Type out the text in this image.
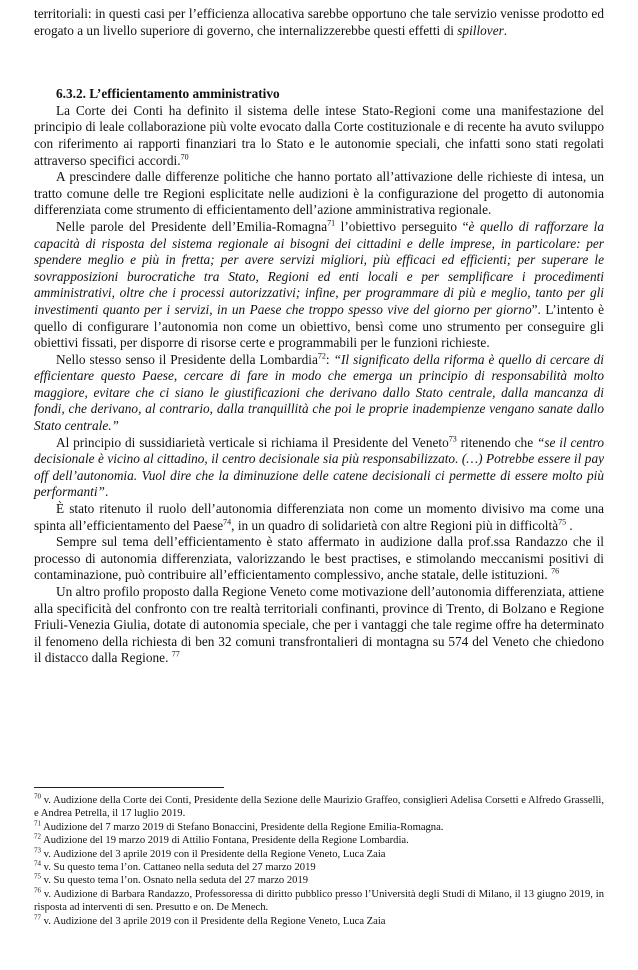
territoriali: in questi casi per l’efficienza allocativa sarebbe opportuno che tale servizio venisse prodotto ed erogato a un livello superiore di governo, che internalizzerebbe questi effetti di spillover.

6.3.2. L’efficientamento amministrativo

La Corte dei Conti ha definito il sistema delle intese Stato-Regioni come una manifestazione del principio di leale collaborazione più volte evocato dalla Corte costituzionale e di recente ha avuto sviluppo con riferimento ai rapporti finanziari tra lo Stato e le autonomie speciali, che infatti sono stati regolati attraverso specifici accordi.$^{70}$

A prescindere dalle differenze politiche che hanno portato all’attivazione delle richieste di intesa, un tratto comune delle tre Regioni esplicitate nelle audizioni è la configurazione del progetto di autonomia differenziata come strumento di efficientamento dell’azione amministrativa regionale.

Nelle parole del Presidente dell’Emilia-Romagna$^{71}$ l’obiettivo perseguito “è quello di rafforzare la capacità di risposta del sistema regionale ai bisogni dei cittadini e delle imprese, in particolare: per spendere meglio e più in fretta; per avere servizi migliori, più efficaci ed efficienti; per superare le sovrapposizioni burocratiche tra Stato, Regioni ed enti locali e per semplificare i procedimenti amministrativi, oltre che i processi autorizzativi; infine, per programmare di più e meglio, tanto per gli investimenti quanto per i servizi, in un Paese che troppo spesso vive del giorno per giorno”. L’intento è quello di configurare l’autonomia non come un obiettivo, bensì come uno strumento per conseguire gli obiettivi fissati, per disporre di risorse certe e programmabili per le funzioni richieste.

Nello stesso senso il Presidente della Lombardia$^{72}$: “Il significato della riforma è quello di cercare di efficientare questo Paese, cercare di fare in modo che emerga un principio di responsabilità molto maggiore, evitare che ci siano le giustificazioni che derivano dallo Stato centrale, dalla mancanza di fondi, che derivano, al contrario, dalla tranquillità che poi le proprie inadempienze vengano sanate dallo Stato centrale.”

Al principio di sussidiarietà verticale si richiama il Presidente del Veneto$^{73}$ ritenendo che “se il centro decisionale è vicino al cittadino, il centro decisionale sia più responsabilizzato. (…) Potrebbe essere il pay off dell’autonomia. Vuol dire che la diminuzione delle catene decisionali ci permette di essere molto più performanti”.

È stato ritenuto il ruolo dell’autonomia differenziata non come un momento divisivo ma come una spinta all’efficientamento del Paese$^{74}$, in un quadro di solidarietà con altre Regioni più in difficoltà$^{75}$ .

Sempre sul tema dell’efficientamento è stato affermato in audizione dalla prof.ssa Randazzo che il processo di autonomia differenziata, valorizzando le best practises, e stimolando meccanismi positivi di contaminazione, può contribuire all’efficientamento complessivo, anche statale, delle istituzioni. $^{76}$

Un altro profilo proposto dalla Regione Veneto come motivazione dell’autonomia differenziata, attiene alla specificità del confronto con tre realtà territoriali confinanti, province di Trento, di Bolzano e Regione Friuli-Venezia Giulia, dotate di autonomia speciale, che per i vantaggi che tale regime offre ha determinato il fenomeno della richiesta di ben 32 comuni transfrontalieri di montagna su 574 del Veneto che chiedono il distacco dalla Regione. $^{77}$

$^{70}$ v. Audizione della Corte dei Conti, Presidente della Sezione delle Maurizio Graffeo, consiglieri Adelisa Corsetti e Alfredo Grasselli, e Andrea Petrella, il 17 luglio 2019.

$^{71}$ Audizione del 7 marzo 2019 di Stefano Bonaccini, Presidente della Regione Emilia-Romagna.

$^{72}$ Audizione del 19 marzo 2019 di Attilio Fontana, Presidente della Regione Lombardia.

$^{73}$ v. Audizione del 3 aprile 2019 con il Presidente della Regione Veneto, Luca Zaia

$^{74}$ v. Su questo tema l’on. Cattaneo nella seduta del 27 marzo 2019

$^{75}$ v. Su questo tema l’on. Osnato nella seduta del 27 marzo 2019

$^{76}$ v. Audizione di Barbara Randazzo, Professoressa di diritto pubblico presso l’Università degli Studi di Milano, il 13 giugno 2019, in risposta ad interventi di sen. Presutto e on. De Menech.

$^{77}$ v. Audizione del 3 aprile 2019 con il Presidente della Regione Veneto, Luca Zaia
